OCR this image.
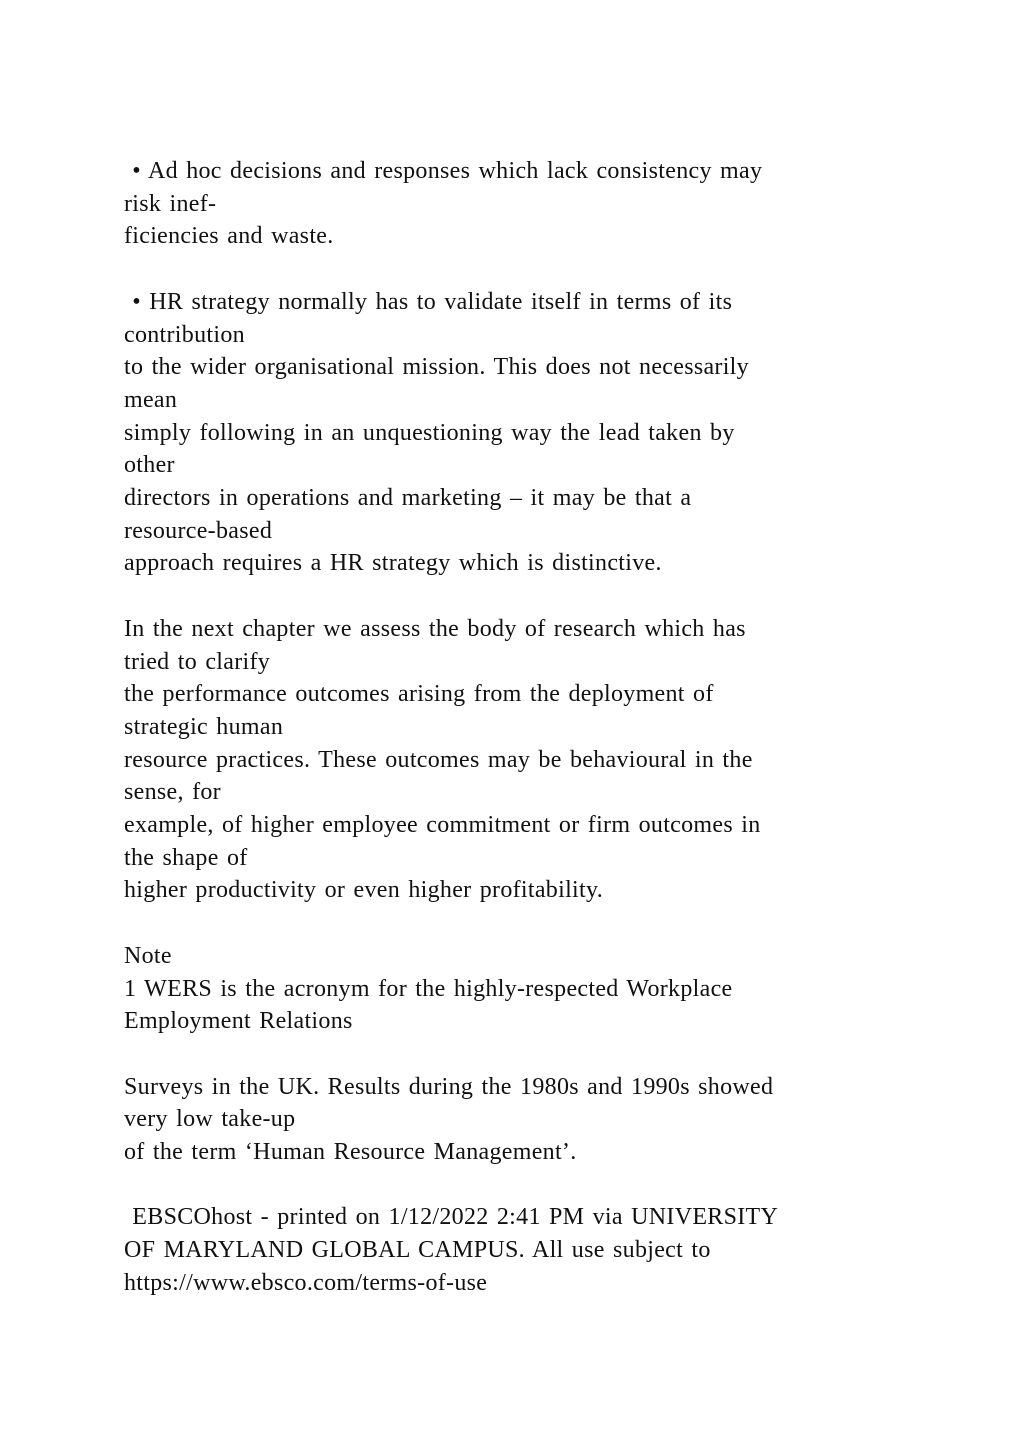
• Ad hoc decisions and responses which lack consistency may
risk inef-
ficiencies and waste.
• HR strategy normally has to validate itself in terms of its
contribution
to the wider organisational mission. This does not necessarily
mean
simply following in an unquestioning way the lead taken by
other
directors in operations and marketing – it may be that a
resource-based
approach requires a HR strategy which is distinctive.
In the next chapter we assess the body of research which has
tried to clarify
the performance outcomes arising from the deployment of
strategic human
resource practices. These outcomes may be behavioural in the
sense, for
example, of higher employee commitment or firm outcomes in
the shape of
higher productivity or even higher profitability.
Note
1 WERS is the acronym for the highly-respected Workplace
Employment Relations
Surveys in the UK. Results during the 1980s and 1990s showed
very low take-up
of the term ‘Human Resource Management’.
EBSCOhost - printed on 1/12/2022 2:41 PM via UNIVERSITY
OF MARYLAND GLOBAL CAMPUS. All use subject to
https://www.ebsco.com/terms-of-use
